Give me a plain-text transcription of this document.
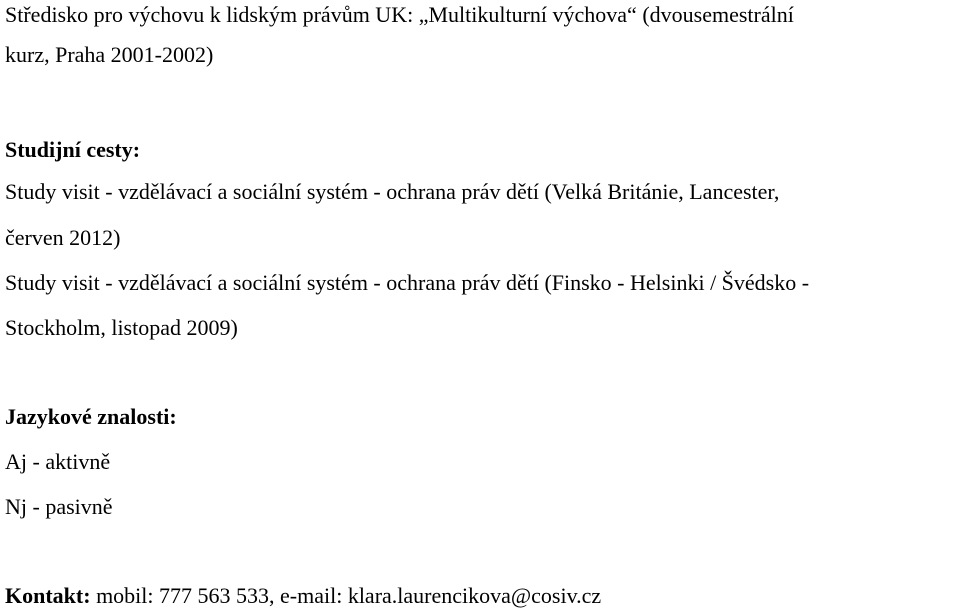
Středisko pro výchovu k lidským právům UK: „Multikulturní výchova“ (dvousemestrální
kurz, Praha 2001-2002)
Studijní cesty:
Study visit - vzdělávací a sociální systém - ochrana práv dětí (Velká Británie, Lancester,
červen 2012)
Study visit - vzdělávací a sociální systém - ochrana práv dětí (Finsko - Helsinki / Švédsko -
Stockholm, listopad 2009)
Jazykové znalosti:
Aj - aktivně
Nj - pasivně
Kontakt: mobil: 777 563 533, e-mail: klara.laurencikova@cosiv.cz
